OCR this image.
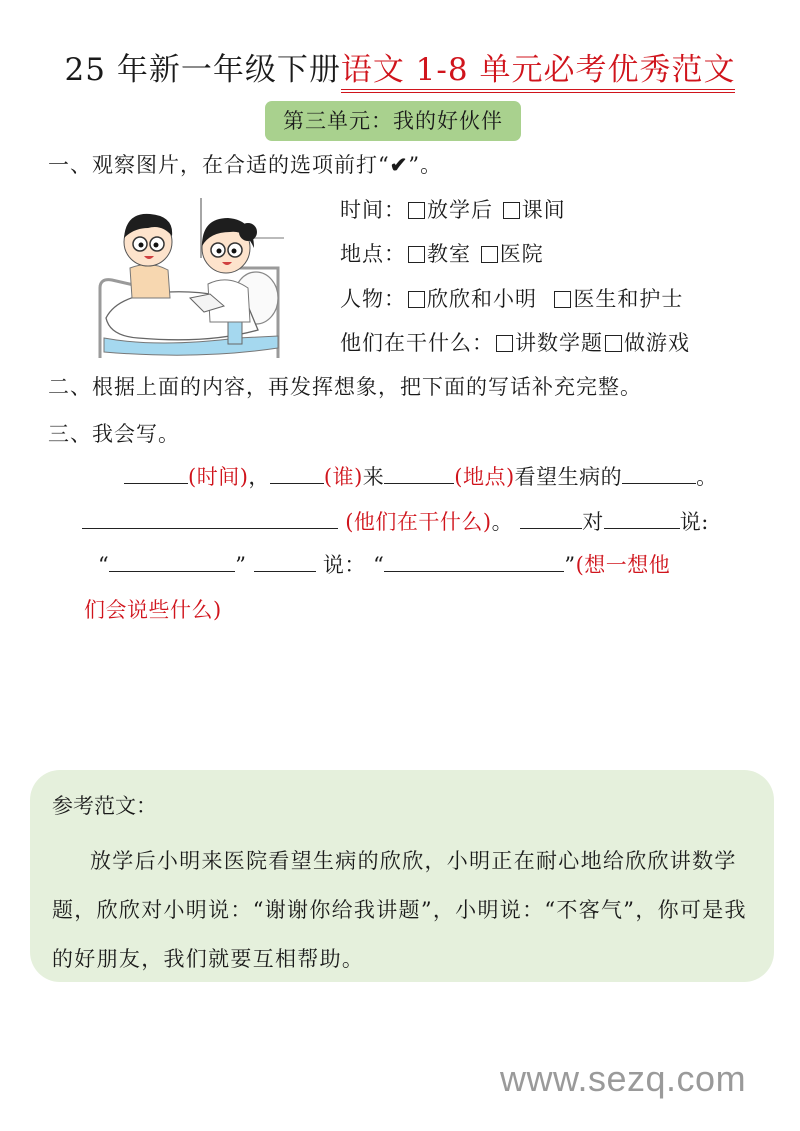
25 年新一年级下册语文 1-8 单元必考优秀范文
第三单元：我的好伙伴
一、观察图片，在合适的选项前打“✔”。
时间： 放学后 课间
地点： 教室 医院
人物： 欣欣和小明 医生和护士
他们在干什么： 讲数学题 做游戏
二、根据上面的内容，再发挥想象，把下面的写话补充完整。
三、我会写。
(时间)，	(谁)来	(地点)看望生病的	。
(他们在干什么)。	对	说:
“	”	说： “	”(想一想他
们会说些什么)
参考范文：
放学后小明来医院看望生病的欣欣，小明正在耐心地给欣欣讲数学题，欣欣对小明说：“谢谢你给我讲题”，小明说：“不客气”，你可是我的好朋友，我们就要互相帮助。
www.sezq.com
